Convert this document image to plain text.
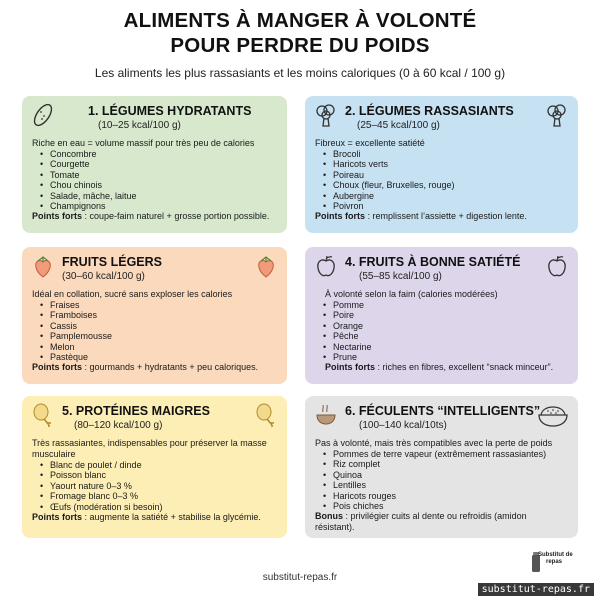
ALIMENTS À MANGER À VOLONTÉ
POUR PERDRE DU POIDS
Les aliments les plus rassasiants et les moins caloriques (0 à 60 kcal / 100 g)
1. LÉGUMES HYDRATANTS
(10–25 kcal/100 g)
Riche en eau = volume massif pour très peu de calories
• Concombre
• Courgette
• Tomate
• Chou chinois
• Salade, mâche, laitue
• Champignons
Points forts : coupe-faim naturel + grosse portion possible.
2. LÉGUMES RASSASIANTS
(25–45 kcal/100 g)
Fibreux = excellente satiété
• Brocoli
• Haricots verts
• Poireau
• Choux (fleur, Bruxelles, rouge)
• Aubergine
• Poivron
Points forts : remplissent l’assiette + digestion lente.
FRUITS LÉGERS
(30–60 kcal/100 g)
Idéal en collation, sucré sans exploser les calories
• Fraises
• Framboises
• Cassis
• Pamplemousse
• Melon
• Pastèque
Points forts : gourmands + hydratants + peu caloriques.
4. FRUITS À BONNE SATIÉTÉ
(55–85 kcal/100 g)
À volonté selon la faim (calories modérées)
• Pomme
• Poire
• Orange
• Pêche
• Nectarine
• Prune
Points forts : riches en fibres, excellent “snack minceur”.
5. PROTÉINES MAIGRES
(80–120 kcal/100 g)
Très rassasiantes, indispensables pour préserver la masse musculaire
• Blanc de poulet / dinde
• Poisson blanc
• Yaourt nature 0–3 %
• Fromage blanc 0–3 %
• Œufs (modération si besoin)
Points forts : augmente la satiété + stabilise la glycémie.
6. FÉCULENTS “INTELLIGENTS”
(100–140 kcal/10ts)
Pas à volonté, mais très compatibles avec la perte de poids
• Pommes de terre vapeur (extrêmement rassasiantes)
• Riz complet
• Quinoa
• Lentilles
• Haricots rouges
• Pois chiches
Bonus : privilégier cuits al dente ou refroidis (amidon résistant).
substitut-repas.fr
Substitut de
repas
substitut-repas.fr
